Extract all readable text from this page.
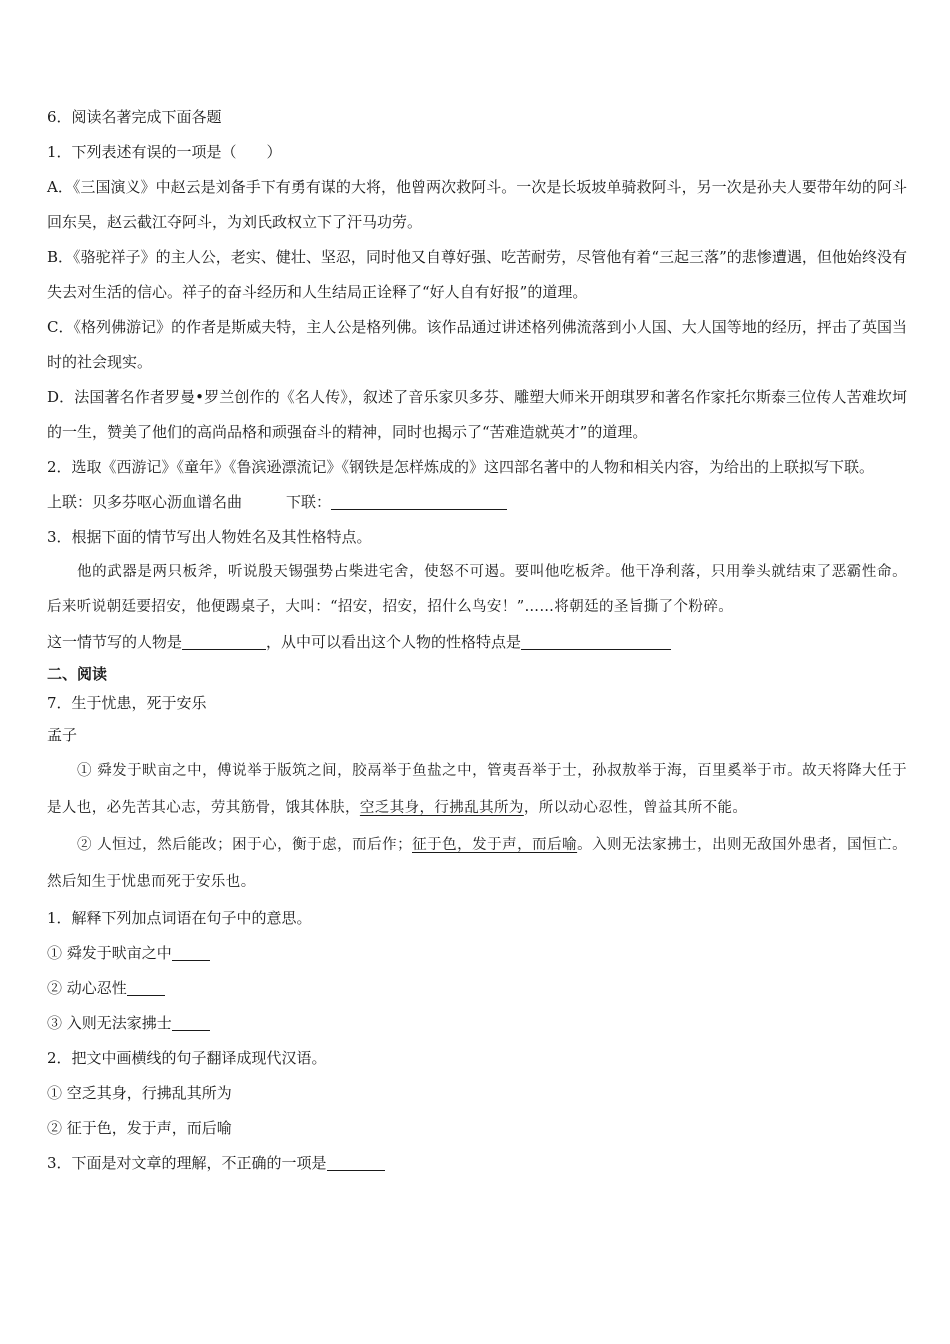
6．阅读名著完成下面各题
1．下列表述有误的一项是（　　）
A．《三国演义》中赵云是刘备手下有勇有谋的大将，他曾两次救阿斗。一次是长坂坡单骑救阿斗，另一次是孙夫人要带年幼的阿斗回东吴，赵云截江夺阿斗，为刘氏政权立下了汗马功劳。
B．《骆驼祥子》的主人公，老实、健壮、坚忍，同时他又自尊好强、吃苦耐劳，尽管他有着“三起三落”的悲惨遭遇，但他始终没有失去对生活的信心。祥子的奋斗经历和人生结局正诠释了“好人自有好报”的道理。
C．《格列佛游记》的作者是斯威夫特，主人公是格列佛。该作品通过讲述格列佛流落到小人国、大人国等地的经历，抨击了英国当时的社会现实。
D．法国著名作者罗曼•罗兰创作的《名人传》，叙述了音乐家贝多芬、雕塑大师米开朗琪罗和著名作家托尔斯泰三位传人苦难坎坷的一生，赞美了他们的高尚品格和顽强奋斗的精神，同时也揭示了“苦难造就英才”的道理。
2．选取《西游记》《童年》《鲁滨逊漂流记》《钢铁是怎样炼成的》这四部名著中的人物和相关内容，为给出的上联拟写下联。
上联：贝多芬呕心沥血谱名曲	下联：
3．根据下面的情节写出人物姓名及其性格特点。
他的武器是两只板斧，听说殷天锡强势占柴进宅舍，使怒不可遏。要叫他吃板斧。他干净利落，只用拳头就结束了恶霸性命。后来听说朝廷要招安，他便踢桌子，大叫：“招安，招安，招什么鸟安！”……将朝廷的圣旨撕了个粉碎。
这一情节写的人物是	，从中可以看出这个人物的性格特点是
二、阅读
7．生于忧患，死于安乐
孟子
① 舜发于畎亩之中，傅说举于版筑之间，胶鬲举于鱼盐之中，管夷吾举于士，孙叔敖举于海，百里奚举于市。故天将降大任于是人也，必先苦其心志，劳其筋骨，饿其体肤，空乏其身，行拂乱其所为，所以动心忍性，曾益其所不能。
② 人恒过，然后能改；困于心，衡于虑，而后作；征于色，发于声，而后喻。入则无法家拂士，出则无敌国外患者，国恒亡。然后知生于忧患而死于安乐也。
1．解释下列加点词语在句子中的意思。
① 舜发于畎亩之中
② 动心忍性
③ 入则无法家拂士
2．把文中画横线的句子翻译成现代汉语。
① 空乏其身，行拂乱其所为
② 征于色，发于声，而后喻
3．下面是对文章的理解，不正确的一项是
